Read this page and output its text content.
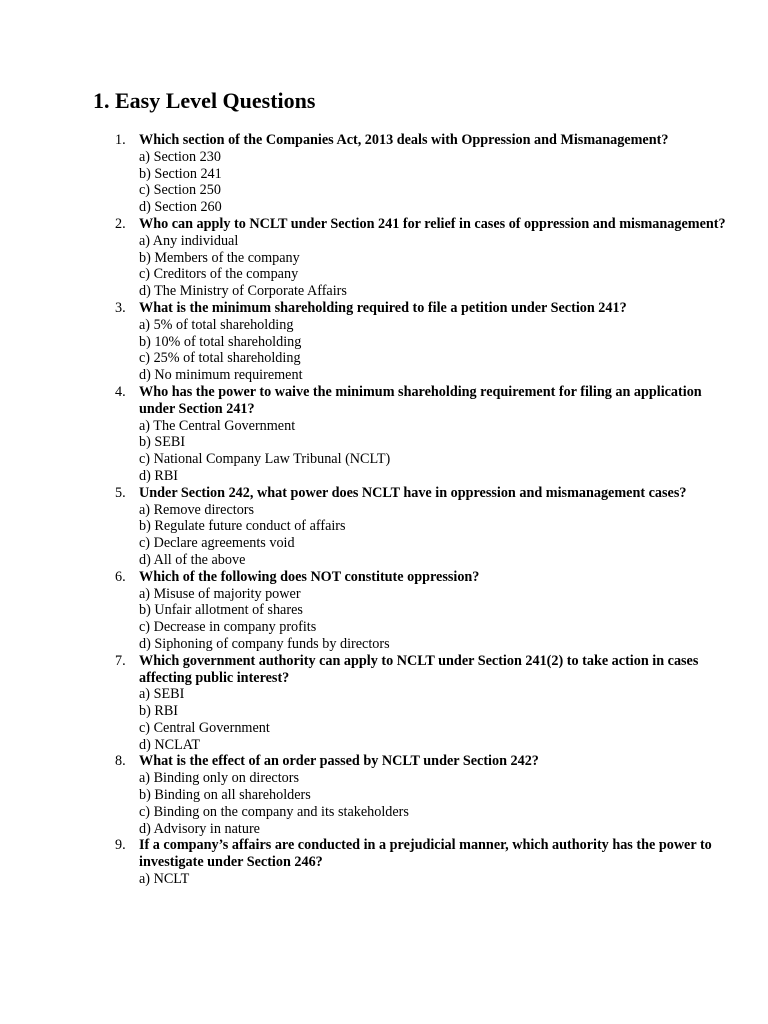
1. Easy Level Questions
1. Which section of the Companies Act, 2013 deals with Oppression and Mismanagement?
a) Section 230
b) Section 241
c) Section 250
d) Section 260
2. Who can apply to NCLT under Section 241 for relief in cases of oppression and mismanagement?
a) Any individual
b) Members of the company
c) Creditors of the company
d) The Ministry of Corporate Affairs
3. What is the minimum shareholding required to file a petition under Section 241?
a) 5% of total shareholding
b) 10% of total shareholding
c) 25% of total shareholding
d) No minimum requirement
4. Who has the power to waive the minimum shareholding requirement for filing an application under Section 241?
a) The Central Government
b) SEBI
c) National Company Law Tribunal (NCLT)
d) RBI
5. Under Section 242, what power does NCLT have in oppression and mismanagement cases?
a) Remove directors
b) Regulate future conduct of affairs
c) Declare agreements void
d) All of the above
6. Which of the following does NOT constitute oppression?
a) Misuse of majority power
b) Unfair allotment of shares
c) Decrease in company profits
d) Siphoning of company funds by directors
7. Which government authority can apply to NCLT under Section 241(2) to take action in cases affecting public interest?
a) SEBI
b) RBI
c) Central Government
d) NCLAT
8. What is the effect of an order passed by NCLT under Section 242?
a) Binding only on directors
b) Binding on all shareholders
c) Binding on the company and its stakeholders
d) Advisory in nature
9. If a company’s affairs are conducted in a prejudicial manner, which authority has the power to investigate under Section 246?
a) NCLT
